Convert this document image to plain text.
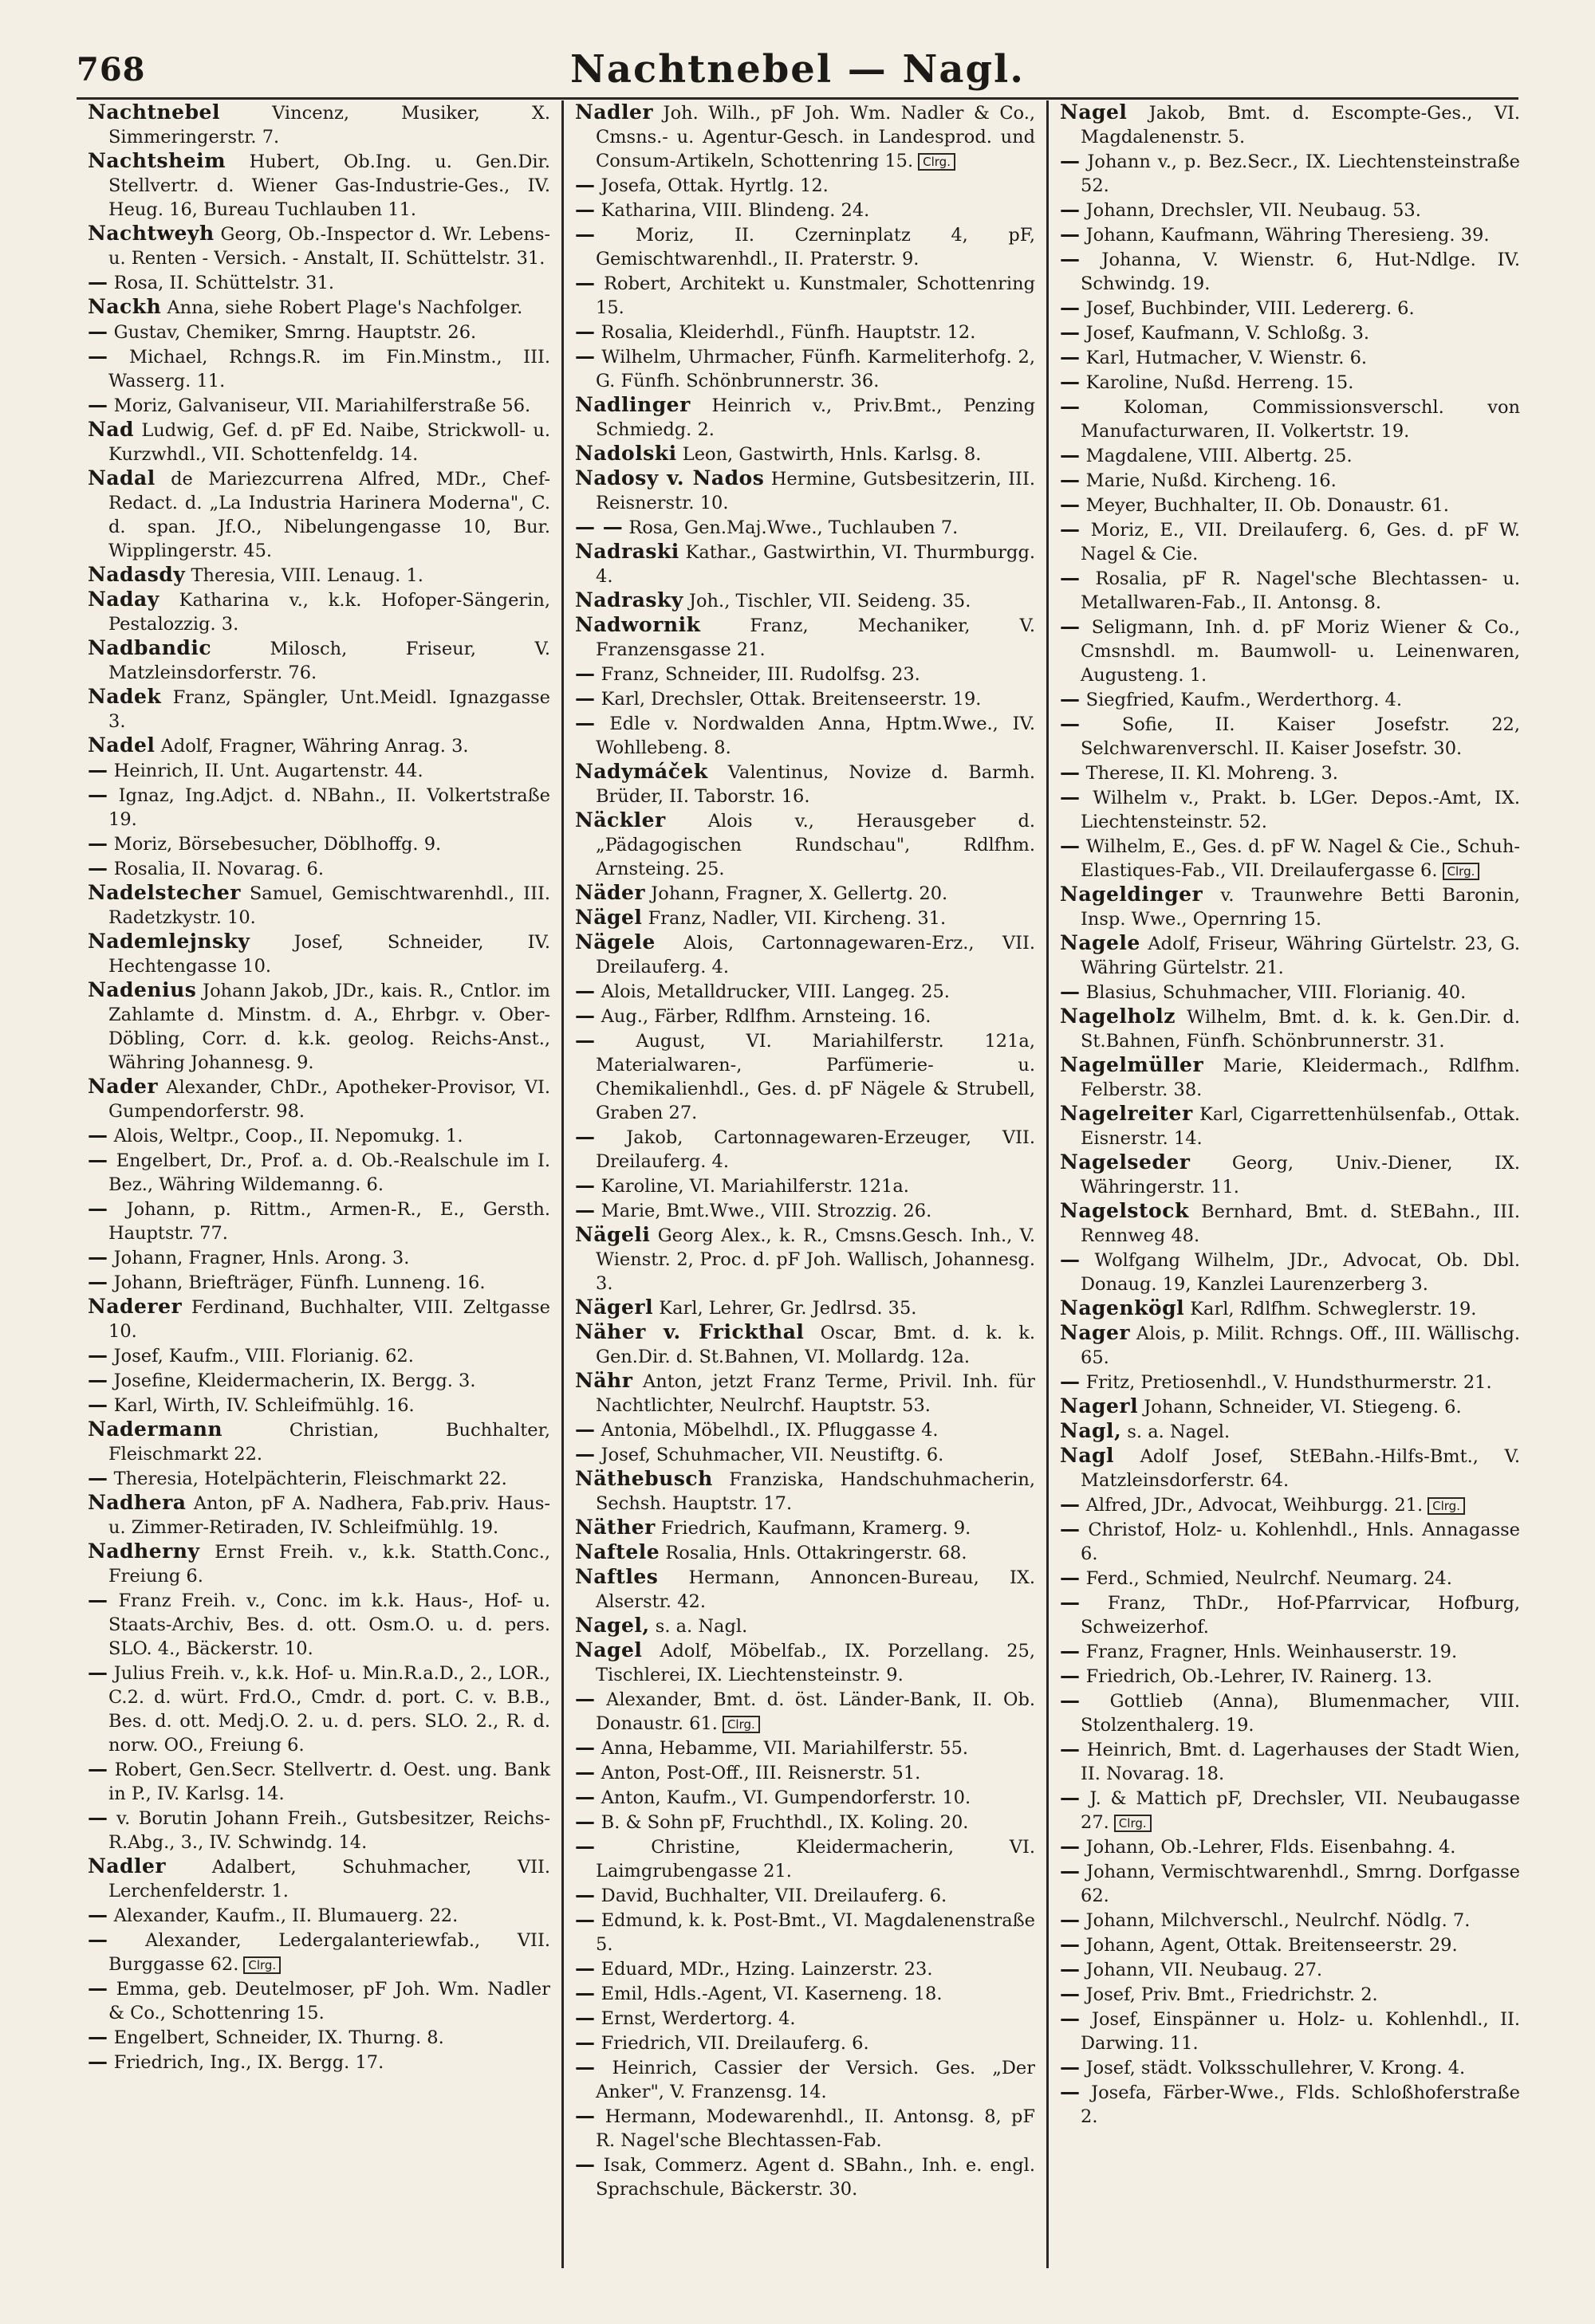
768	Nachtnebel — Nagl.
Nachtnebel	Vincenz, Musiker, X. Simmeringerstr. 7.
Nachtsheim Hubert, Ob.Ing. u. Gen.Dir. Stellvertr. d. Wiener Gas-Industrie-Ges., IV. Heug. 16, Bureau Tuchlauben 11.
Nachtweyh Georg, Ob.-Inspector d. Wr. Lebens- u. Renten - Versich. - Anstalt, II. Schüttelstr. 31.
— Rosa, II. Schüttelstr. 31.
Nackh Anna, siehe Robert Plage's Nachfolger.
— Gustav, Chemiker, Smrng. Hauptstr. 26.
— Michael, Rchngs.R. im Fin.Minstm., III. Wasserg. 11.
— Moriz, Galvaniseur, VII. Mariahilferstraße 56.
Nad Ludwig, Gef. d. pF Ed. Naibe, Strickwoll- u. Kurzwhdl., VII. Schottenfeldg. 14.
Nadal de Mariezcurrena Alfred, MDr., Chef-Redact. d. „La Industria Harinera Moderna", C. d. span. Jf.O., Nibelungengasse 10, Bur. Wipplingerstr. 45.
Nadasdy Theresia, VIII. Lenaug. 1.
Naday Katharina v., k.k. Hofoper-Sängerin, Pestalozzig. 3.
Nadbandic	Milosch, Friseur, V. Matzleinsdorferstr. 76.
Nadek Franz, Spängler, Unt.Meidl. Ignazgasse 3.
Nadel Adolf, Fragner, Währing Anrag. 3.
— Heinrich, II. Unt. Augartenstr. 44.
— Ignaz, Ing.Adjct. d. NBahn., II. Volkertstraße 19.
— Moriz, Börsebesucher, Döblhoffg. 9.
— Rosalia, II. Novarag. 6.
Nadelstecher Samuel, Gemischtwarenhdl., III. Radetzkystr. 10.
Nademlejnsky Josef, Schneider, IV. Hechtengasse 10.
Nadenius Johann Jakob, JDr., kais. R., Cntlor. im Zahlamte d. Minstm. d. A., Ehrbgr. v. Ober-Döbling, Corr. d. k.k. geolog. Reichs-Anst., Währing Johannesg. 9.
Nader Alexander, ChDr., Apotheker-Provisor, VI. Gumpendorferstr. 98.
— Alois, Weltpr., Coop., II. Nepomukg. 1.
— Engelbert, Dr., Prof. a. d. Ob.-Realschule im I. Bez., Währing Wildemanng. 6.
— Johann, p. Rittm., Armen-R., E., Gersth. Hauptstr. 77.
— Johann, Fragner, Hnls. Arong. 3.
— Johann, Briefträger, Fünfh. Lunneng. 16.
Naderer Ferdinand, Buchhalter, VIII. Zeltgasse 10.
— Josef, Kaufm., VIII. Florianig. 62.
— Josefine, Kleidermacherin, IX. Bergg. 3.
— Karl, Wirth, IV. Schleifmühlg. 16.
Nadermann	Christian, Buchhalter, Fleischmarkt 22.
— Theresia, Hotelpächterin, Fleischmarkt 22.
Nadhera Anton, pF A. Nadhera, Fab.priv. Haus- u. Zimmer-Retiraden, IV. Schleifmühlg. 19.
Nadherny Ernst Freih. v., k.k. Statth.Conc., Freiung 6.
— Franz Freih. v., Conc. im k.k. Haus-, Hof- u. Staats-Archiv, Bes. d. ott. Osm.O. u. d. pers. SLO. 4., Bäckerstr. 10.
— Julius Freih. v., k.k. Hof- u. Min.R.a.D., 2., LOR., C.2. d. würt. Frd.O., Cmdr. d. port. C. v. B.B., Bes. d. ott. Medj.O. 2. u. d. pers. SLO. 2., R. d. norw. OO., Freiung 6.
— Robert, Gen.Secr. Stellvertr. d. Oest. ung. Bank in P., IV. Karlsg. 14.
— v. Borutin Johann Freih., Gutsbesitzer, Reichs-R.Abg., 3., IV. Schwindg. 14.
Nadler	Adalbert, Schuhmacher, VII. Lerchenfelderstr. 1.
— Alexander, Kaufm., II. Blumauerg. 22.
— Alexander, Ledergalanteriewfab., VII. Burggasse 62. Clrg.
— Emma, geb. Deutelmoser, pF Joh. Wm. Nadler & Co., Schottenring 15.
— Engelbert, Schneider, IX. Thurng. 8.
— Friedrich, Ing., IX. Bergg. 17.
Nadler Joh. Wilh., pF Joh. Wm. Nadler & Co., Cmsns.- u. Agentur-Gesch. in Landesprod. und Consum-Artikeln, Schottenring 15. Clrg.
— Josefa, Ottak. Hyrtlg. 12.
— Katharina, VIII. Blindeng. 24.
— Moriz, II. Czerninplatz 4, pF, Gemischtwarenhdl., II. Praterstr. 9.
— Robert, Architekt u. Kunstmaler, Schottenring 15.
— Rosalia, Kleiderhdl., Fünfh. Hauptstr. 12.
— Wilhelm, Uhrmacher, Fünfh. Karmeliterhofg. 2, G. Fünfh. Schönbrunnerstr. 36.
Nadlinger Heinrich v., Priv.Bmt., Penzing Schmiedg. 2.
Nadolski Leon, Gastwirth, Hnls. Karlsg. 8.
Nadosy v. Nados Hermine, Gutsbesitzerin, III. Reisnerstr. 10.
— — Rosa, Gen.Maj.Wwe., Tuchlauben 7.
Nadraski Kathar., Gastwirthin, VI. Thurmburgg. 4.
Nadrasky Joh., Tischler, VII. Seideng. 35.
Nadwornik	Franz, Mechaniker, V. Franzensgasse 21.
— Franz, Schneider, III. Rudolfsg. 23.
— Karl, Drechsler, Ottak. Breitenseerstr. 19.
— Edle v. Nordwalden Anna, Hptm.Wwe., IV. Wohllebeng. 8.
Nadymáček Valentinus, Novize d. Barmh. Brüder, II. Taborstr. 16.
Näckler Alois v., Herausgeber d. „Pädagogischen Rundschau", Rdlfhm. Arnsteing. 25.
Näder Johann, Fragner, X. Gellertg. 20.
Nägel Franz, Nadler, VII. Kircheng. 31.
Nägele Alois, Cartonnagewaren-Erz., VII. Dreilauferg. 4.
— Alois, Metalldrucker, VIII. Langeg. 25.
— Aug., Färber, Rdlfhm. Arnsteing. 16.
— August, VI. Mariahilferstr. 121a, Materialwaren-, Parfümerie- u. Chemikalienhdl., Ges. d. pF Nägele & Strubell, Graben 27.
— Jakob, Cartonnagewaren-Erzeuger, VII. Dreilauferg. 4.
— Karoline, VI. Mariahilferstr. 121a.
— Marie, Bmt.Wwe., VIII. Strozzig. 26.
Nägeli Georg Alex., k. R., Cmsns.Gesch. Inh., V. Wienstr. 2, Proc. d. pF Joh. Wallisch, Johannesg. 3.
Nägerl Karl, Lehrer, Gr. Jedlrsd. 35.
Näher v. Frickthal Oscar, Bmt. d. k. k. Gen.Dir. d. St.Bahnen, VI. Mollardg. 12a.
Nähr Anton, jetzt Franz Terme, Privil. Inh. für Nachtlichter, Neulrchf. Hauptstr. 53.
— Antonia, Möbelhdl., IX. Pfluggasse 4.
— Josef, Schuhmacher, VII. Neustiftg. 6.
Näthebusch Franziska, Handschuhmacherin, Sechsh. Hauptstr. 17.
Näther Friedrich, Kaufmann, Kramerg. 9.
Naftele Rosalia, Hnls. Ottakringerstr. 68.
Naftles Hermann, Annoncen-Bureau, IX. Alserstr. 42.
Nagel, s. a. Nagl.
Nagel Adolf, Möbelfab., IX. Porzellang. 25, Tischlerei, IX. Liechtensteinstr. 9.
— Alexander, Bmt. d. öst. Länder-Bank, II. Ob. Donaustr. 61. Clrg.
— Anna, Hebamme, VII. Mariahilferstr. 55.
— Anton, Post-Off., III. Reisnerstr. 51.
— Anton, Kaufm., VI. Gumpendorferstr. 10.
— B. & Sohn pF, Fruchthdl., IX. Koling. 20.
—	Christine, Kleidermacherin, VI. Laimgrubengasse 21.
— David, Buchhalter, VII. Dreilauferg. 6.
— Edmund, k. k. Post-Bmt., VI. Magdalenenstraße 5.
— Eduard, MDr., Hzing. Lainzerstr. 23.
— Emil, Hdls.-Agent, VI. Kaserneng. 18.
— Ernst, Werdertorg. 4.
— Friedrich, VII. Dreilauferg. 6.
— Heinrich, Cassier der Versich. Ges. „Der Anker", V. Franzensg. 14.
— Hermann, Modewarenhdl., II. Antonsg. 8, pF R. Nagel'sche Blechtassen-Fab.
— Isak, Commerz. Agent d. SBahn., Inh. e. engl. Sprachschule, Bäckerstr. 30.
Nagel Jakob, Bmt. d. Escompte-Ges., VI. Magdalenenstr. 5.
— Johann v., p. Bez.Secr., IX. Liechtensteinstraße 52.
— Johann, Drechsler, VII. Neubaug. 53.
— Johann, Kaufmann, Währing Theresieng. 39.
— Johanna, V. Wienstr. 6, Hut-Ndlge. IV. Schwindg. 19.
— Josef, Buchbinder, VIII. Ledererg. 6.
— Josef, Kaufmann, V. Schloßg. 3.
— Karl, Hutmacher, V. Wienstr. 6.
— Karoline, Nußd. Herreng. 15.
— Koloman, Commissionsverschl. von Manufacturwaren, II. Volkertstr. 19.
— Magdalene, VIII. Albertg. 25.
— Marie, Nußd. Kircheng. 16.
— Meyer, Buchhalter, II. Ob. Donaustr. 61.
— Moriz, E., VII. Dreilauferg. 6, Ges. d. pF W. Nagel & Cie.
— Rosalia, pF R. Nagel'sche Blechtassen- u. Metallwaren-Fab., II. Antonsg. 8.
— Seligmann, Inh. d. pF Moriz Wiener & Co., Cmsnshdl. m. Baumwoll- u. Leinenwaren, Augusteng. 1.
— Siegfried, Kaufm., Werderthorg. 4.
— Sofie, II. Kaiser Josefstr. 22, Selchwarenverschl. II. Kaiser Josefstr. 30.
— Therese, II. Kl. Mohreng. 3.
— Wilhelm v., Prakt. b. LGer. Depos.-Amt, IX. Liechtensteinstr. 52.
— Wilhelm, E., Ges. d. pF W. Nagel & Cie., Schuh-Elastiques-Fab., VII. Dreilaufergasse 6. Clrg.
Nageldinger v. Traunwehre Betti Baronin, Insp. Wwe., Opernring 15.
Nagele Adolf, Friseur, Währing Gürtelstr. 23, G. Währing Gürtelstr. 21.
— Blasius, Schuhmacher, VIII. Florianig. 40.
Nagelholz Wilhelm, Bmt. d. k. k. Gen.Dir. d. St.Bahnen, Fünfh. Schönbrunnerstr. 31.
Nagelmüller Marie, Kleidermach., Rdlfhm. Felberstr. 38.
Nagelreiter Karl, Cigarrettenhülsenfab., Ottak. Eisnerstr. 14.
Nagelseder Georg, Univ.-Diener, IX. Währingerstr. 11.
Nagelstock Bernhard, Bmt. d. StEBahn., III. Rennweg 48.
— Wolfgang Wilhelm, JDr., Advocat, Ob. Dbl. Donaug. 19, Kanzlei Laurenzerberg 3.
Nagenkögl Karl, Rdlfhm. Schweglerstr. 19.
Nager Alois, p. Milit. Rchngs. Off., III. Wällischg. 65.
— Fritz, Pretiosenhdl., V. Hundsthurmerstr. 21.
Nagerl Johann, Schneider, VI. Stiegeng. 6.
Nagl, s. a. Nagel.
Nagl Adolf Josef, StEBahn.-Hilfs-Bmt., V. Matzleinsdorferstr. 64.
— Alfred, JDr., Advocat, Weihburgg. 21. Clrg.
— Christof, Holz- u. Kohlenhdl., Hnls. Annagasse 6.
— Ferd., Schmied, Neulrchf. Neumarg. 24.
— Franz, ThDr., Hof-Pfarrvicar, Hofburg, Schweizerhof.
— Franz, Fragner, Hnls. Weinhauserstr. 19.
— Friedrich, Ob.-Lehrer, IV. Rainerg. 13.
— Gottlieb (Anna), Blumenmacher, VIII. Stolzenthalerg. 19.
— Heinrich, Bmt. d. Lagerhauses der Stadt Wien, II. Novarag. 18.
— J. & Mattich pF, Drechsler, VII. Neubaugasse 27. Clrg.
— Johann, Ob.-Lehrer, Flds. Eisenbahng. 4.
— Johann, Vermischtwarenhdl., Smrng. Dorfgasse 62.
— Johann, Milchverschl., Neulrchf. Nödlg. 7.
— Johann, Agent, Ottak. Breitenseerstr. 29.
— Johann, VII. Neubaug. 27.
— Josef, Priv. Bmt., Friedrichstr. 2.
— Josef, Einspänner u. Holz- u. Kohlenhdl., II. Darwing. 11.
— Josef, städt. Volksschullehrer, V. Krong. 4.
— Josefa, Färber-Wwe., Flds. Schloßhoferstraße 2.
